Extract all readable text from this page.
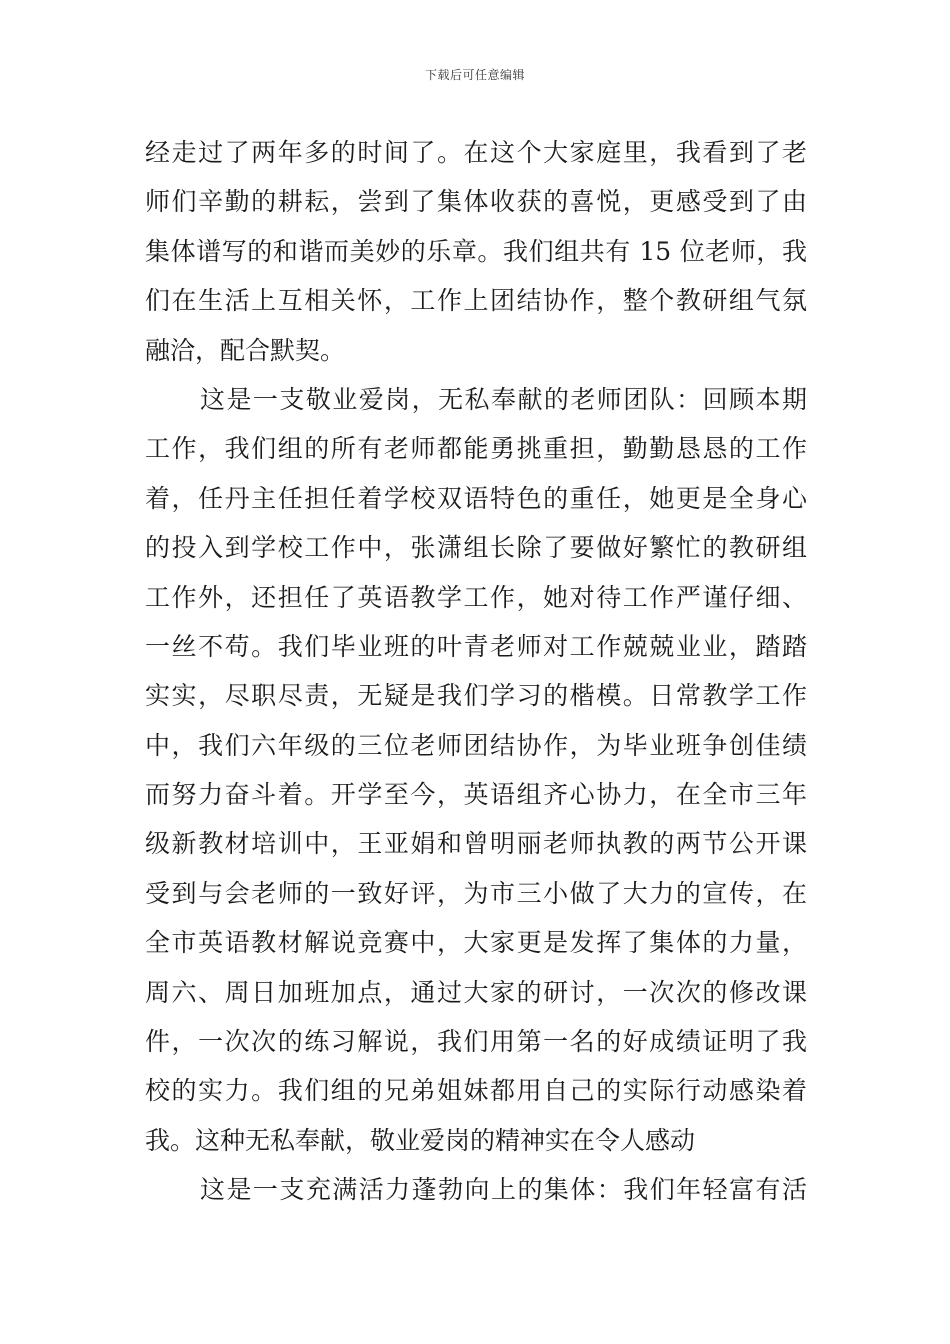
下载后可任意编辑
经走过了两年多的时间了。在这个大家庭里，我看到了老
师们辛勤的耕耘，尝到了集体收获的喜悦，更感受到了由
集体谱写的和谐而美妙的乐章。我们组共有 15 位老师，我
们在生活上互相关怀，工作上团结协作，整个教研组气氛
融洽，配合默契。
这是一支敬业爱岗，无私奉献的老师团队：回顾本期
工作，我们组的所有老师都能勇挑重担，勤勤恳恳的工作
着，任丹主任担任着学校双语特色的重任，她更是全身心
的投入到学校工作中，张潇组长除了要做好繁忙的教研组
工作外，还担任了英语教学工作，她对待工作严谨仔细、
一丝不苟。我们毕业班的叶青老师对工作兢兢业业，踏踏
实实，尽职尽责，无疑是我们学习的楷模。日常教学工作
中，我们六年级的三位老师团结协作，为毕业班争创佳绩
而努力奋斗着。开学至今，英语组齐心协力，在全市三年
级新教材培训中，王亚娟和曾明丽老师执教的两节公开课
受到与会老师的一致好评，为市三小做了大力的宣传，在
全市英语教材解说竞赛中，大家更是发挥了集体的力量，
周六、周日加班加点，通过大家的研讨，一次次的修改课
件，一次次的练习解说，我们用第一名的好成绩证明了我
校的实力。我们组的兄弟姐妹都用自己的实际行动感染着
我。这种无私奉献，敬业爱岗的精神实在令人感动
这是一支充满活力蓬勃向上的集体：我们年轻富有活
